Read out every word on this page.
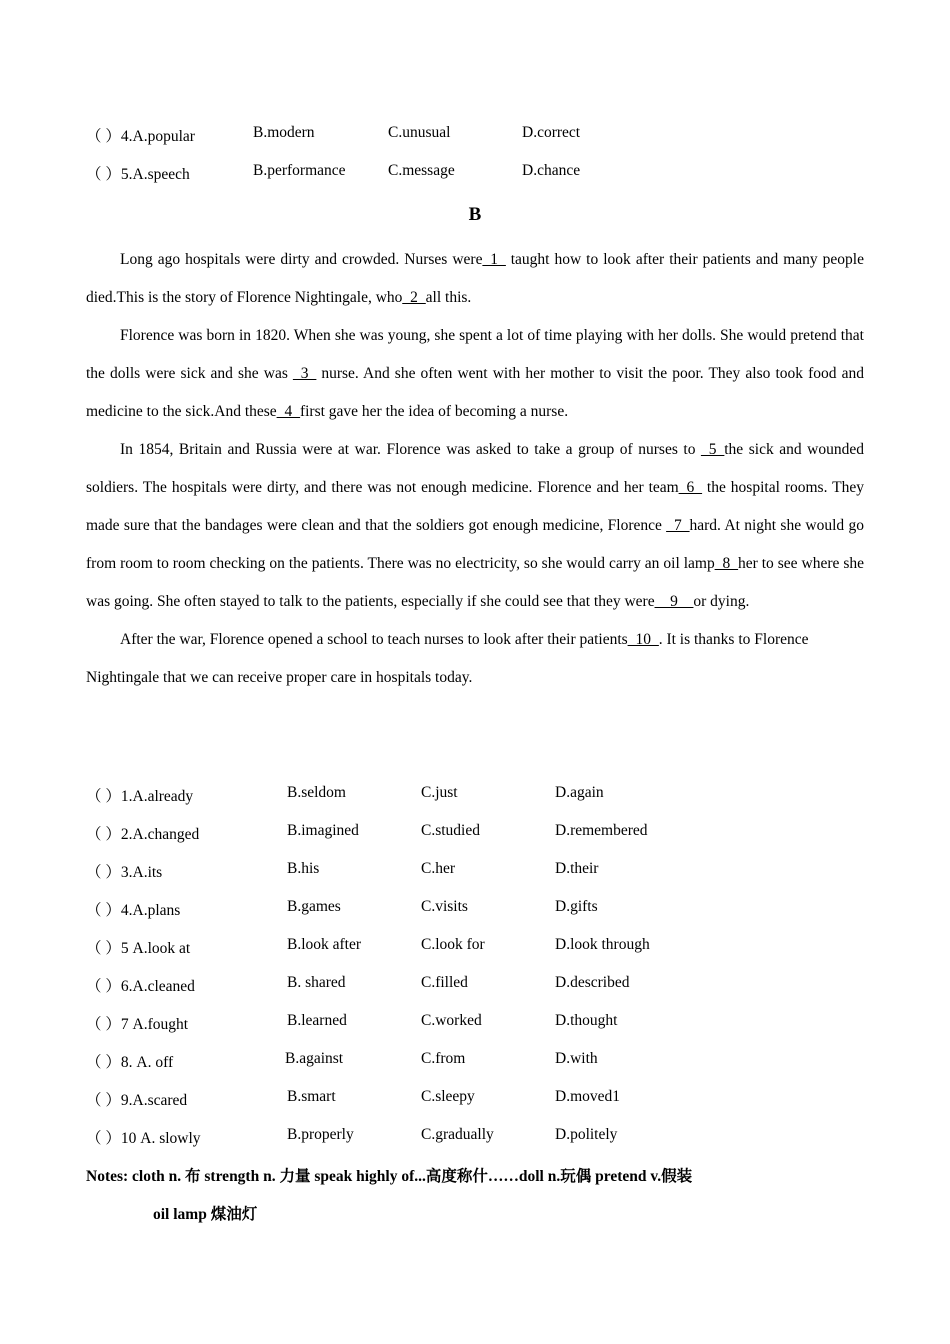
（ ）4.A.popular	B.modern	C.unusual	D.correct
（ ）5.A.speech	B.performance	C.message	D.chance
B

Long ago hospitals were dirty and crowded. Nurses were_1_ taught how to look after their patients and many people died.This is the story of Florence Nightingale, who_2_all this.

Florence was born in 1820. When she was young, she spent a lot of time playing with her dolls. She would pretend that the dolls were sick and she was _3_ nurse. And she often went with her mother to visit the poor. They also took food and medicine to the sick.And these_4_first gave her the idea of becoming a nurse.

In 1854, Britain and Russia were at war. Florence was asked to take a group of nurses to _5_the sick and wounded soldiers. The hospitals were dirty, and there was not enough medicine. Florence and her team_6_ the hospital rooms. They made sure that the bandages were clean and that the soldiers got enough medicine, Florence _7_hard. At night she would go from room to room checking on the patients. There was no electricity, so she would carry an oil lamp_8_her to see where she was going. She often stayed to talk to the patients, especially if she could see that they were__9__or dying.

After the war, Florence opened a school to teach nurses to look after their patients_10_. It is thanks to Florence

Nightingale that we can receive proper care in hospitals today.

（ ）1.A.already	B.seldom	C.just	D.again
（ ）2.A.changed	B.imagined	C.studied	D.remembered
（ ）3.A.its	B.his	C.her	D.their
（ ）4.A.plans	B.games	C.visits	D.gifts
（ ）5 A.look at	B.look after	C.look for	D.look through
（ ）6.A.cleaned	B. shared	C.filled	D.described
（ ）7 A.fought	B.learned	C.worked	D.thought
（ ）8. A. off	B.against	C.from	D.with
（ ）9.A.scared	B.smart	C.sleepy	D.moved1
（ ）10 A. slowly	B.properly	C.gradually	D.politely
Notes: cloth n. 布 strength n. 力量 speak highly of...高度称什……doll n.玩偶 pretend v.假装
oil lamp 煤油灯
